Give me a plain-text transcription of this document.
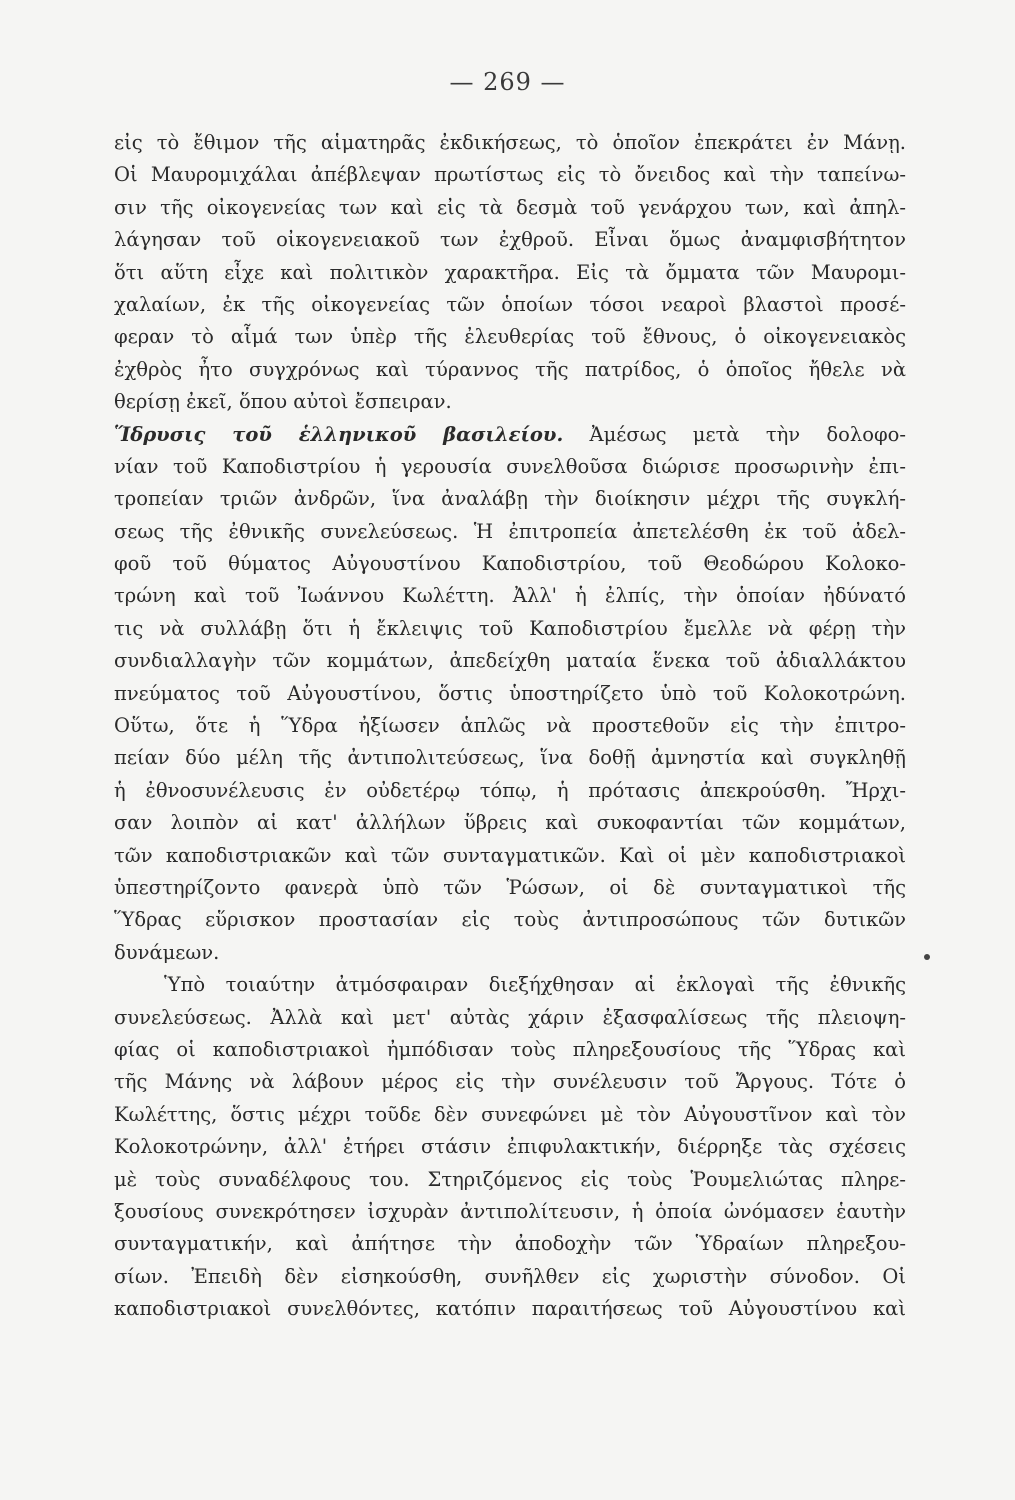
— 269 —
εἰς τὸ ἔθιμον τῆς αἱματηρᾶς ἐκδικήσεως, τὸ ὁποῖον ἐπεκράτει ἐν Μάνῃ.
Οἱ Μαυρομιχάλαι ἀπέβλεψαν πρωτίστως εἰς τὸ ὄνειδος καὶ τὴν ταπείνω-
σιν τῆς οἰκογενείας των καὶ εἰς τὰ δεσμὰ τοῦ γενάρχου των, καὶ ἀπηλ-
λάγησαν τοῦ οἰκογενειακοῦ των ἐχθροῦ. Εἶναι ὅμως ἀναμφισβήτητον
ὅτι αὕτη εἶχε καὶ πολιτικὸν χαρακτῆρα. Εἰς τὰ ὄμματα τῶν Μαυρομι-
χαλαίων, ἐκ τῆς οἰκογενείας τῶν ὁποίων τόσοι νεαροὶ βλαστοὶ προσέ-
φεραν τὸ αἷμά των ὑπὲρ τῆς ἐλευθερίας τοῦ ἔθνους, ὁ οἰκογενειακὸς
ἐχθρὸς ἦτο συγχρόνως καὶ τύραννος τῆς πατρίδος, ὁ ὁποῖος ἤθελε νὰ
θερίσῃ ἐκεῖ, ὅπου αὐτοὶ ἔσπειραν.
Ἵδρυσις τοῦ ἑλληνικοῦ βασιλείου. Ἀμέσως μετὰ τὴν δολοφο-
νίαν τοῦ Καποδιστρίου ἡ γερουσία συνελθοῦσα διώρισε προσωρινὴν ἐπι-
τροπείαν τριῶν ἀνδρῶν, ἵνα ἀναλάβῃ τὴν διοίκησιν μέχρι τῆς συγκλή-
σεως τῆς ἐθνικῆς συνελεύσεως. Ἡ ἐπιτροπεία ἀπετελέσθη ἐκ τοῦ ἀδελ-
φοῦ τοῦ θύματος Αὐγουστίνου Καποδιστρίου, τοῦ Θεοδώρου Κολοκο-
τρώνη καὶ τοῦ Ἰωάννου Κωλέττη. Ἀλλ' ἡ ἐλπίς, τὴν ὁποίαν ἠδύνατό
τις νὰ συλλάβῃ ὅτι ἡ ἔκλειψις τοῦ Καποδιστρίου ἔμελλε νὰ φέρῃ τὴν
συνδιαλλαγὴν τῶν κομμάτων, ἀπεδείχθη ματαία ἕνεκα τοῦ ἀδιαλλάκτου
πνεύματος τοῦ Αὐγουστίνου, ὅστις ὑποστηρίζετο ὑπὸ τοῦ Κολοκοτρώνη.
Οὕτω, ὅτε ἡ Ὕδρα ἠξίωσεν ἁπλῶς νὰ προστεθοῦν εἰς τὴν ἐπιτρο-
πείαν δύο μέλη τῆς ἀντιπολιτεύσεως, ἵνα δοθῇ ἀμνηστία καὶ συγκληθῇ
ἡ ἐθνοσυνέλευσις ἐν οὐδετέρῳ τόπῳ, ἡ πρότασις ἀπεκρούσθη. Ἤρχι-
σαν λοιπὸν αἱ κατ' ἀλλήλων ὕβρεις καὶ συκοφαντίαι τῶν κομμάτων,
τῶν καποδιστριακῶν καὶ τῶν συνταγματικῶν. Καὶ οἱ μὲν καποδιστριακοὶ
ὑπεστηρίζοντο φανερὰ ὑπὸ τῶν Ῥώσων, οἱ δὲ συνταγματικοὶ τῆς
Ὕδρας εὕρισκον προστασίαν εἰς τοὺς ἀντιπροσώπους τῶν δυτικῶν
δυνάμεων.
Ὑπὸ τοιαύτην ἀτμόσφαιραν διεξήχθησαν αἱ ἐκλογαὶ τῆς ἐθνικῆς
συνελεύσεως. Ἀλλὰ καὶ μετ' αὐτὰς χάριν ἐξασφαλίσεως τῆς πλειοψη-
φίας οἱ καποδιστριακοὶ ἠμπόδισαν τοὺς πληρεξουσίους τῆς Ὕδρας καὶ
τῆς Μάνης νὰ λάβουν μέρος εἰς τὴν συνέλευσιν τοῦ Ἄργους. Τότε ὁ
Κωλέττης, ὅστις μέχρι τοῦδε δὲν συνεφώνει μὲ τὸν Αὐγουστῖνον καὶ τὸν
Κολοκοτρώνην, ἀλλ' ἐτήρει στάσιν ἐπιφυλακτικήν, διέρρηξε τὰς σχέσεις
μὲ τοὺς συναδέλφους του. Στηριζόμενος εἰς τοὺς Ῥουμελιώτας πληρε-
ξουσίους συνεκρότησεν ἰσχυρὰν ἀντιπολίτευσιν, ἡ ὁποία ὠνόμασεν ἑαυτὴν
συνταγματικήν, καὶ ἀπήτησε τὴν ἀποδοχὴν τῶν Ὑδραίων πληρεξου-
σίων. Ἐπειδὴ δὲν εἰσηκούσθη, συνῆλθεν εἰς χωριστὴν σύνοδον. Οἱ
καποδιστριακοὶ συνελθόντες, κατόπιν παραιτήσεως τοῦ Αὐγουστίνου καὶ
